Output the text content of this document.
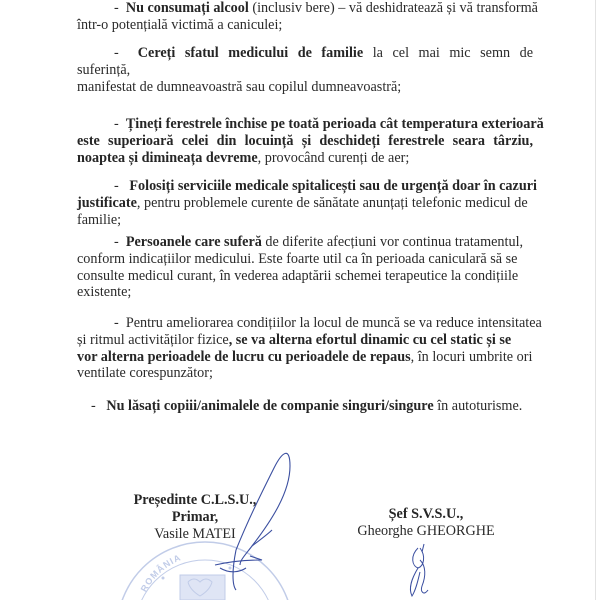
- Nu consumați alcool (inclusiv bere) – vă deshidratează și vă transformă
într-o potențială victimă a caniculei;
- Cereți sfatul medicului de familie la cel mai mic semn de suferință,
manifestat de dumneavoastră sau copilul dumneavoastră;
- Țineți ferestrele închise pe toată perioada cât temperatura exterioară
este superioară celei din locuință și deschideți ferestrele seara târziu,
noaptea și dimineața devreme, provocând curenți de aer;
- Folosiți serviciile medicale spitalicești sau de urgență doar în cazuri
justificate, pentru problemele curente de sănătate anunțați telefonic medicul de
familie;
- Persoanele care suferă de diferite afecțiuni vor continua tratamentul,
conform indicațiilor medicului. Este foarte util ca în perioada caniculară să se
consulte medicul curant, în vederea adaptării schemei terapeutice la condițiile
existente;
- Pentru ameliorarea condițiilor la locul de muncă se va reduce intensitatea
și ritmul activităților fizice, se va alterna efortul dinamic cu cel static și se
vor alterna perioadele de lucru cu perioadele de repaus, în locuri umbrite ori
ventilate corespunzător;
- Nu lăsați copiii/animalele de companie singuri/singure în autoturisme.
Președinte C.L.S.U.,
Primar,
Vasile MATEI
Șef S.V.S.U.,
Gheorghe GHEORGHE
ROMÂNIA
